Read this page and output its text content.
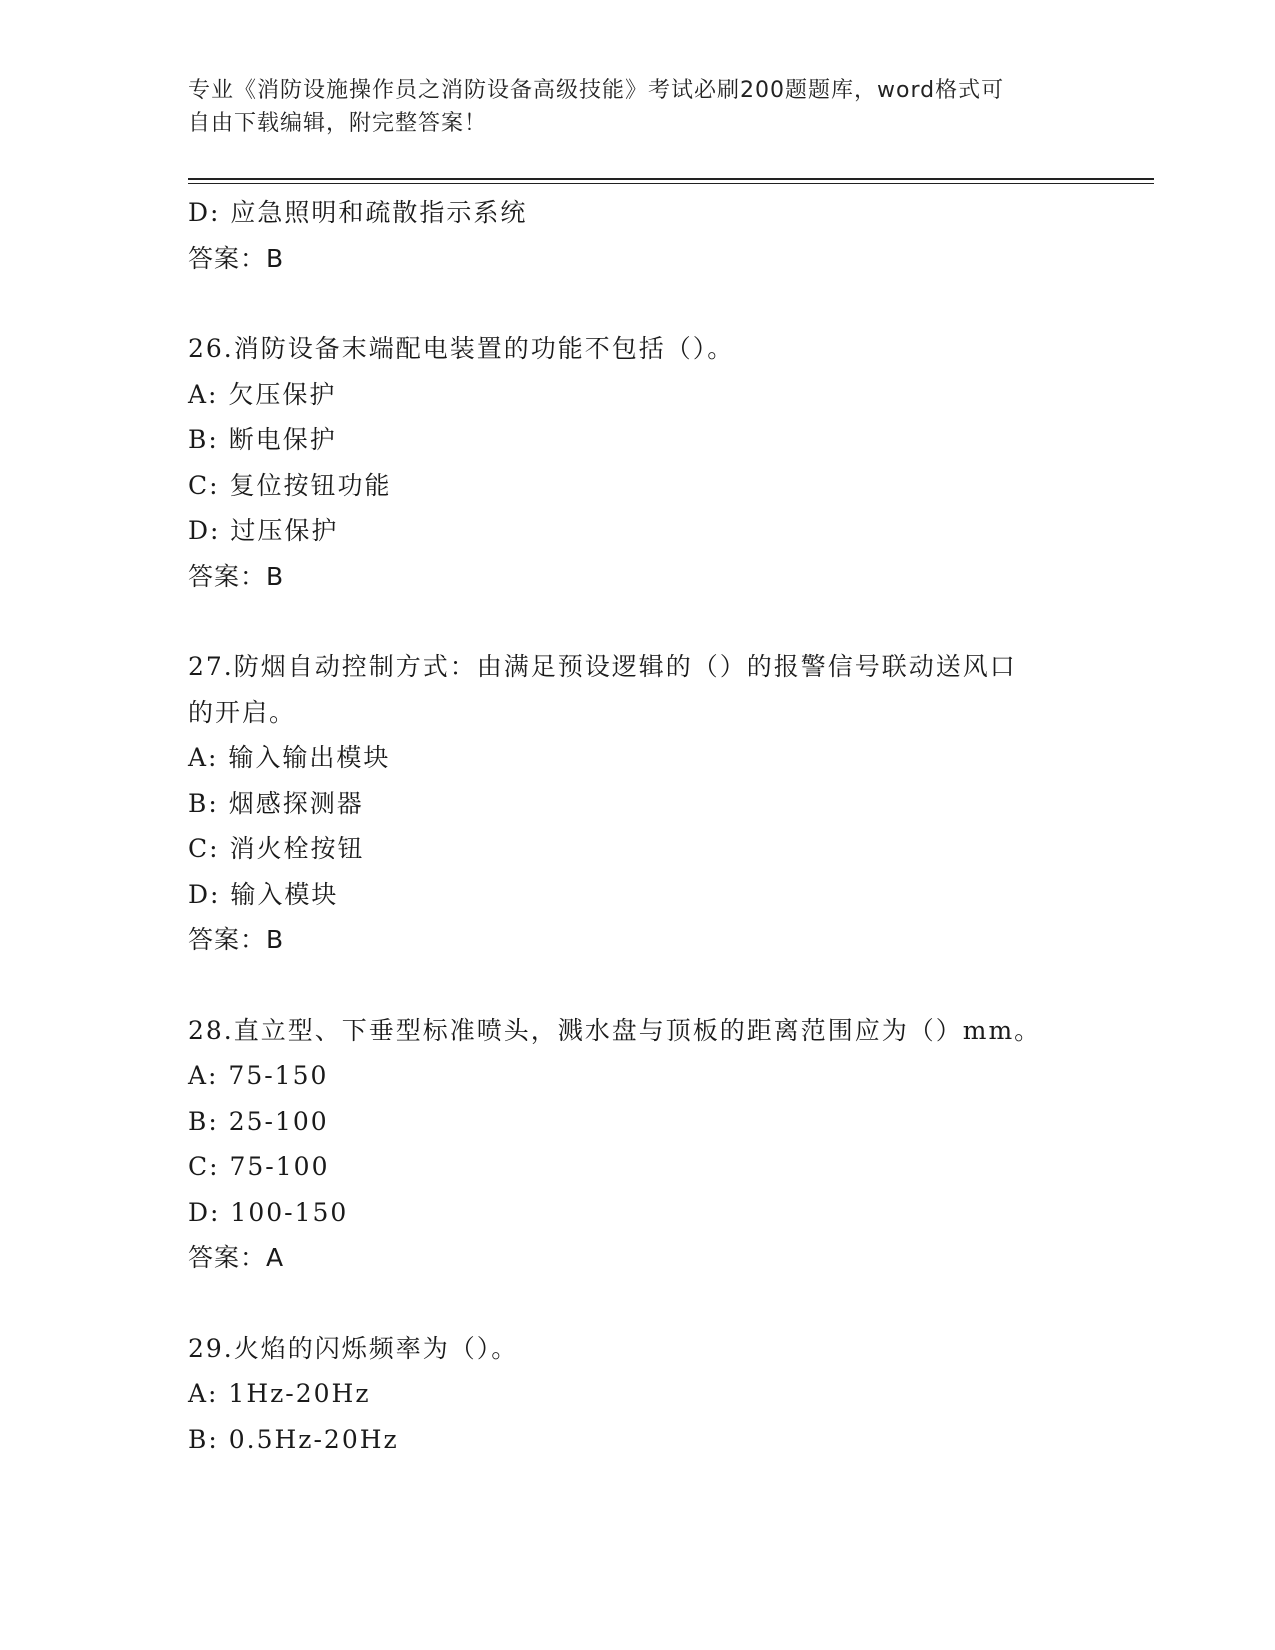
专业《消防设施操作员之消防设备高级技能》考试必刷200题题库，word格式可
自由下载编辑，附完整答案！
D: 应急照明和疏散指示系统
答案：B
26.消防设备末端配电装置的功能不包括（）。
A: 欠压保护
B: 断电保护
C: 复位按钮功能
D: 过压保护
答案：B
27.防烟自动控制方式：由满足预设逻辑的（）的报警信号联动送风口
的开启。
A: 输入输出模块
B: 烟感探测器
C: 消火栓按钮
D: 输入模块
答案：B
28.直立型、下垂型标准喷头，溅水盘与顶板的距离范围应为（）mm。
A: 75-150
B: 25-100
C: 75-100
D: 100-150
答案：A
29.火焰的闪烁频率为（）。
A: 1Hz-20Hz
B: 0.5Hz-20Hz
